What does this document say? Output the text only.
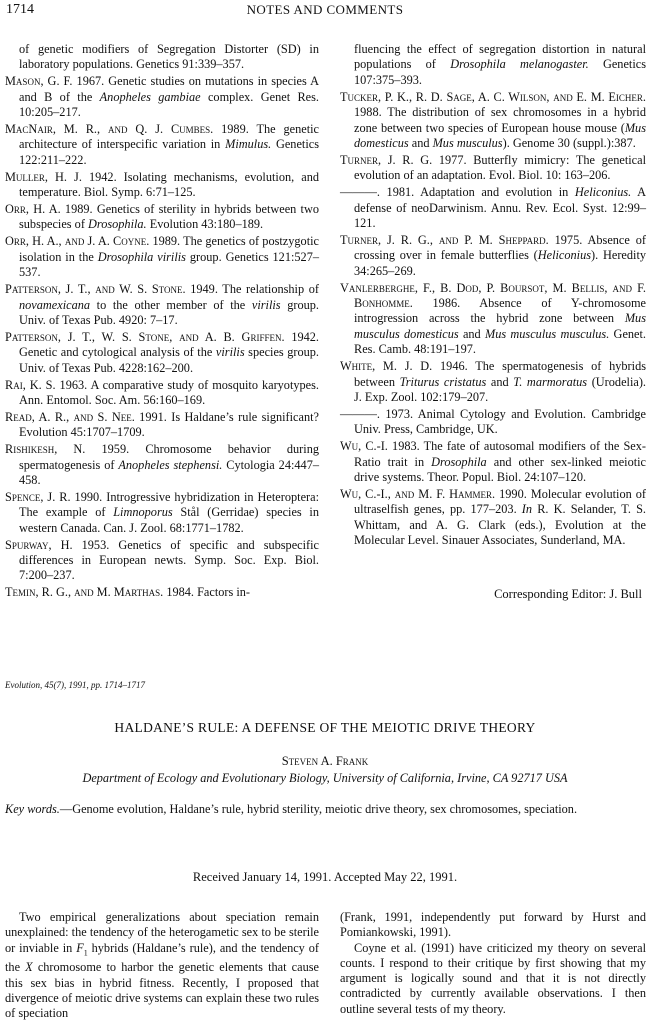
1714	NOTES AND COMMENTS

of genetic modifiers of Segregation Distorter (SD) in laboratory populations. Genetics 91:339–357.

Mason, G. F. 1967. Genetic studies on mutations in species A and B of the Anopheles gambiae complex. Genet Res. 10:205–217.

MacNair, M. R., and Q. J. Cumbes. 1989. The genetic architecture of interspecific variation in Mimulus. Genetics 122:211–222.

Muller, H. J. 1942. Isolating mechanisms, evolution, and temperature. Biol. Symp. 6:71–125.

Orr, H. A. 1989. Genetics of sterility in hybrids between two subspecies of Drosophila. Evolution 43:180–189.

Orr, H. A., and J. A. Coyne. 1989. The genetics of postzygotic isolation in the Drosophila virilis group. Genetics 121:527–537.

Patterson, J. T., and W. S. Stone. 1949. The relationship of novamexicana to the other member of the virilis group. Univ. of Texas Pub. 4920: 7–17.

Patterson, J. T., W. S. Stone, and A. B. Griffen. 1942. Genetic and cytological analysis of the virilis species group. Univ. of Texas Pub. 4228:162–200.

Rai, K. S. 1963. A comparative study of mosquito karyotypes. Ann. Entomol. Soc. Am. 56:160–169.

Read, A. R., and S. Nee. 1991. Is Haldane’s rule significant? Evolution 45:1707–1709.

Rishikesh, N. 1959. Chromosome behavior during spermatogenesis of Anopheles stephensi. Cytologia 24:447–458.

Spence, J. R. 1990. Introgressive hybridization in Heteroptera: The example of Limnoporus Stål (Gerridae) species in western Canada. Can. J. Zool. 68:1771–1782.

Spurway, H. 1953. Genetics of specific and subspecific differences in European newts. Symp. Soc. Exp. Biol. 7:200–237.

Temin, R. G., and M. Marthas. 1984. Factors in-

fluencing the effect of segregation distortion in natural populations of Drosophila melanogaster. Genetics 107:375–393.

Tucker, P. K., R. D. Sage, A. C. Wilson, and E. M. Eicher. 1988. The distribution of sex chromosomes in a hybrid zone between two species of European house mouse (Mus domesticus and Mus musculus). Genome 30 (suppl.):387.

Turner, J. R. G. 1977. Butterfly mimicry: The genetical evolution of an adaptation. Evol. Biol. 10: 163–206.

———. 1981. Adaptation and evolution in Heliconius. A defense of neoDarwinism. Annu. Rev. Ecol. Syst. 12:99–121.

Turner, J. R. G., and P. M. Sheppard. 1975. Absence of crossing over in female butterflies (Heliconius). Heredity 34:265–269.

Vanlerberghe, F., B. Dod, P. Boursot, M. Bellis, and F. Bonhomme. 1986. Absence of Y-chromosome introgression across the hybrid zone between Mus musculus domesticus and Mus musculus musculus. Genet. Res. Camb. 48:191–197.

White, M. J. D. 1946. The spermatogenesis of hybrids between Triturus cristatus and T. marmoratus (Urodelia). J. Exp. Zool. 102:179–207.

———. 1973. Animal Cytology and Evolution. Cambridge Univ. Press, Cambridge, UK.

Wu, C.-I. 1983. The fate of autosomal modifiers of the Sex-Ratio trait in Drosophila and other sex-linked meiotic drive systems. Theor. Popul. Biol. 24:107–120.

Wu, C.-I., and M. F. Hammer. 1990. Molecular evolution of ultraselfish genes, pp. 177–203. In R. K. Selander, T. S. Whittam, and A. G. Clark (eds.), Evolution at the Molecular Level. Sinauer Associates, Sunderland, MA.

Corresponding Editor: J. Bull
Evolution, 45(7), 1991, pp. 1714–1717
HALDANE’S RULE: A DEFENSE OF THE MEIOTIC DRIVE THEORY
Steven A. Frank
Department of Ecology and Evolutionary Biology, University of California, Irvine, CA 92717 USA
Key words.—Genome evolution, Haldane’s rule, hybrid sterility, meiotic drive theory, sex chromosomes, speciation.
Received January 14, 1991. Accepted May 22, 1991.
Two empirical generalizations about speciation remain unexplained: the tendency of the heterogametic sex to be sterile or inviable in $F_1$ hybrids (Haldane’s rule), and the tendency of the X chromosome to harbor the genetic elements that cause this sex bias in hybrid fitness. Recently, I proposed that divergence of meiotic drive systems can explain these two rules of speciation

(Frank, 1991, independently put forward by Hurst and Pomiankowski, 1991).

Coyne et al. (1991) have criticized my theory on several counts. I respond to their critique by first showing that my argument is logically sound and that it is not directly contradicted by currently available observations. I then outline several tests of my theory.
